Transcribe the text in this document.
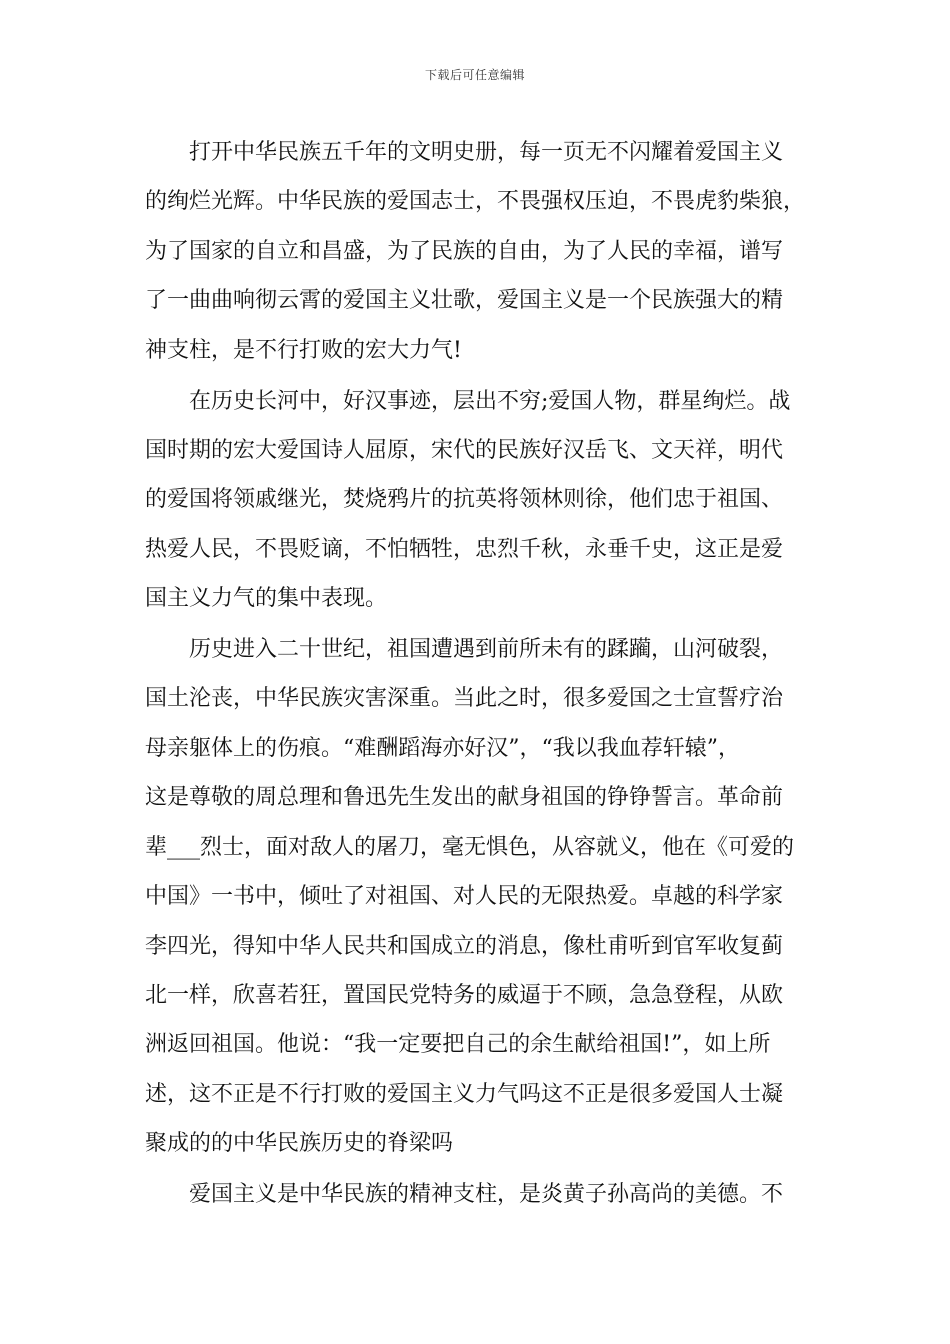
下载后可任意编辑
打开中华民族五千年的文明史册，每一页无不闪耀着爱国主义
的绚烂光辉。中华民族的爱国志士，不畏强权压迫，不畏虎豹柴狼，
为了国家的自立和昌盛，为了民族的自由，为了人民的幸福，谱写
了一曲曲响彻云霄的爱国主义壮歌，爱国主义是一个民族强大的精
神支柱，是不行打败的宏大力气!
在历史长河中，好汉事迹，层出不穷;爱国人物，群星绚烂。战
国时期的宏大爱国诗人屈原，宋代的民族好汉岳飞、文天祥，明代
的爱国将领戚继光，焚烧鸦片的抗英将领林则徐，他们忠于祖国、
热爱人民，不畏贬谪，不怕牺牲，忠烈千秋，永垂千史，这正是爱
国主义力气的集中表现。
历史进入二十世纪，祖国遭遇到前所未有的蹂躏，山河破裂，
国土沦丧，中华民族灾害深重。当此之时，很多爱国之士宣誓疗治
母亲躯体上的伤痕。“难酬蹈海亦好汉”，“我以我血荐轩辕”，
这是尊敬的周总理和鲁迅先生发出的献身祖国的铮铮誓言。革命前
辈___烈士，面对敌人的屠刀，毫无惧色，从容就义，他在《可爱的
中国》一书中，倾吐了对祖国、对人民的无限热爱。卓越的科学家
李四光，得知中华人民共和国成立的消息，像杜甫听到官军收复蓟
北一样，欣喜若狂，置国民党特务的威逼于不顾，急急登程，从欧
洲返回祖国。他说：“我一定要把自己的余生献给祖国!”，如上所
述，这不正是不行打败的爱国主义力气吗这不正是很多爱国人士凝
聚成的的中华民族历史的脊梁吗
爱国主义是中华民族的精神支柱，是炎黄子孙高尚的美德。不
